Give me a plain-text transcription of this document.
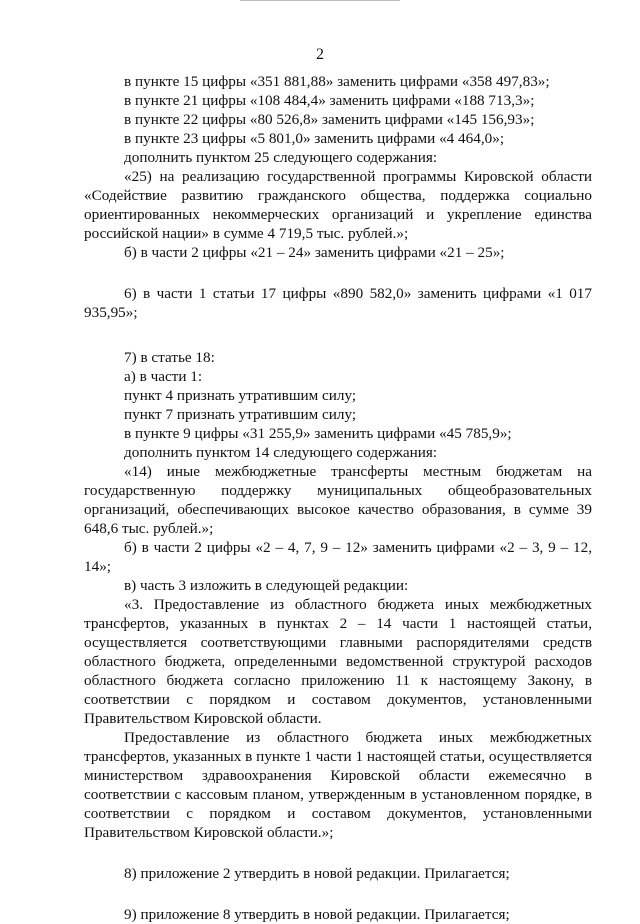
2

в пункте 15 цифры «351 881,88» заменить цифрами «358 497,83»;

в пункте 21 цифры «108 484,4» заменить цифрами «188 713,3»;

в пункте 22 цифры «80 526,8» заменить цифрами «145 156,93»;

в пункте 23 цифры «5 801,0» заменить цифрами «4 464,0»;

дополнить пунктом 25 следующего содержания:

«25) на реализацию государственной программы Кировской области «Содействие развитию гражданского общества, поддержка социально ориентированных некоммерческих организаций и укрепление единства российской нации» в сумме 4 719,5 тыс. рублей.»;

б) в части 2 цифры «21 – 24» заменить цифрами «21 – 25»;

6) в части 1 статьи 17 цифры «890 582,0» заменить цифрами «1 017 935,95»;

7) в статье 18:

а) в части 1:

пункт 4 признать утратившим силу;

пункт 7 признать утратившим силу;

в пункте 9 цифры «31 255,9» заменить цифрами «45 785,9»;

дополнить пунктом 14 следующего содержания:

«14) иные межбюджетные трансферты местным бюджетам на государственную поддержку муниципальных общеобразовательных организаций, обеспечивающих высокое качество образования, в сумме 39 648,6 тыс. рублей.»;

б) в части 2 цифры «2 – 4, 7, 9 – 12» заменить цифрами «2 – 3, 9 – 12, 14»;

в) часть 3 изложить в следующей редакции:

«3. Предоставление из областного бюджета иных межбюджетных трансфертов, указанных в пунктах 2 – 14 части 1 настоящей статьи, осуществляется соответствующими главными распорядителями средств областного бюджета, определенными ведомственной структурой расходов областного бюджета согласно приложению 11 к настоящему Закону, в соответствии с порядком и составом документов, установленными Правительством Кировской области.

Предоставление из областного бюджета иных межбюджетных трансфертов, указанных в пункте 1 части 1 настоящей статьи, осуществляется министерством здравоохранения Кировской области ежемесячно в соответствии с кассовым планом, утвержденным в установленном порядке, в соответствии с порядком и составом документов, установленными Правительством Кировской области.»;

8) приложение 2 утвердить в новой редакции. Прилагается;

9) приложение 8 утвердить в новой редакции. Прилагается;
